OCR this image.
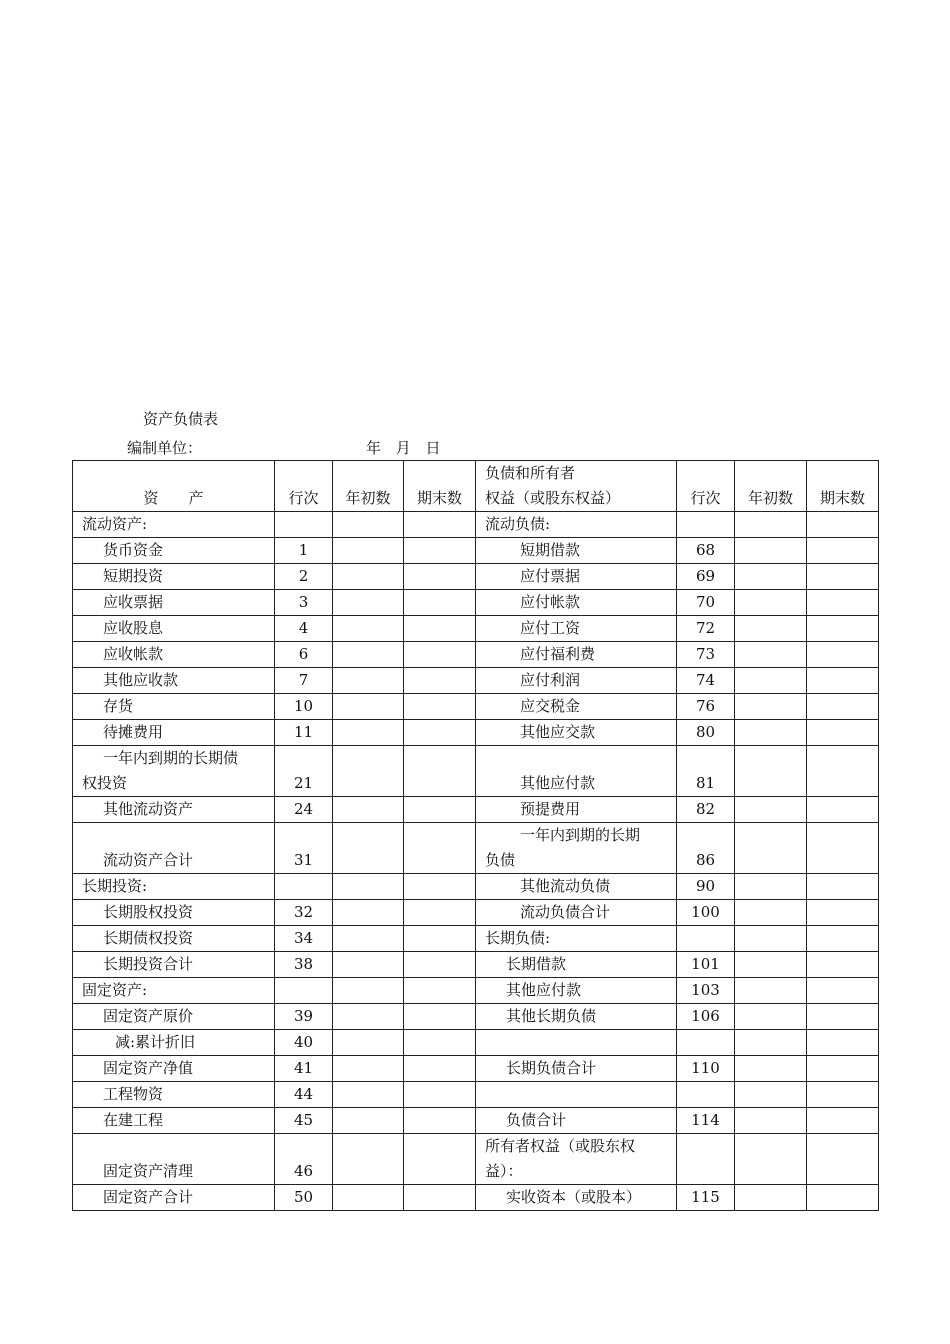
资产负债表
编制单位：	年 月 日
资　　产	行次	年初数	期末数	负债和所有者
权益（或股东权益）	行次	年初数	期末数
流动资产:				流动负债:			
货币资金	1			短期借款	68		
短期投资	2			应付票据	69		
应收票据	3			应付帐款	70		
应收股息	4			应付工资	72		
应收帐款	6			应付福利费	73		
其他应收款	7			应付利润	74		
存货	10			应交税金	76		
待摊费用	11			其他应交款	80		

一年内到期的长期债
权投资	21			其他应付款	81		
其他流动资产	24			预提费用	82		
流动资产合计	31			一年内到期的长期
负债	86		
长期投资:				其他流动负债	90		
长期股权投资	32			流动负债合计	100		
长期债权投资	34			长期负债:			
长期投资合计	38			长期借款	101		
固定资产:				其他应付款	103		
固定资产原价	39			其他长期负债	106		
减:累计折旧	40						
固定资产净值	41			长期负债合计	110		
工程物资	44						
在建工程	45			负债合计	114		
固定资产清理	46			所有者权益（或股东权
益）：			

固定资产合计	50			实收资本（或股本）	115		
